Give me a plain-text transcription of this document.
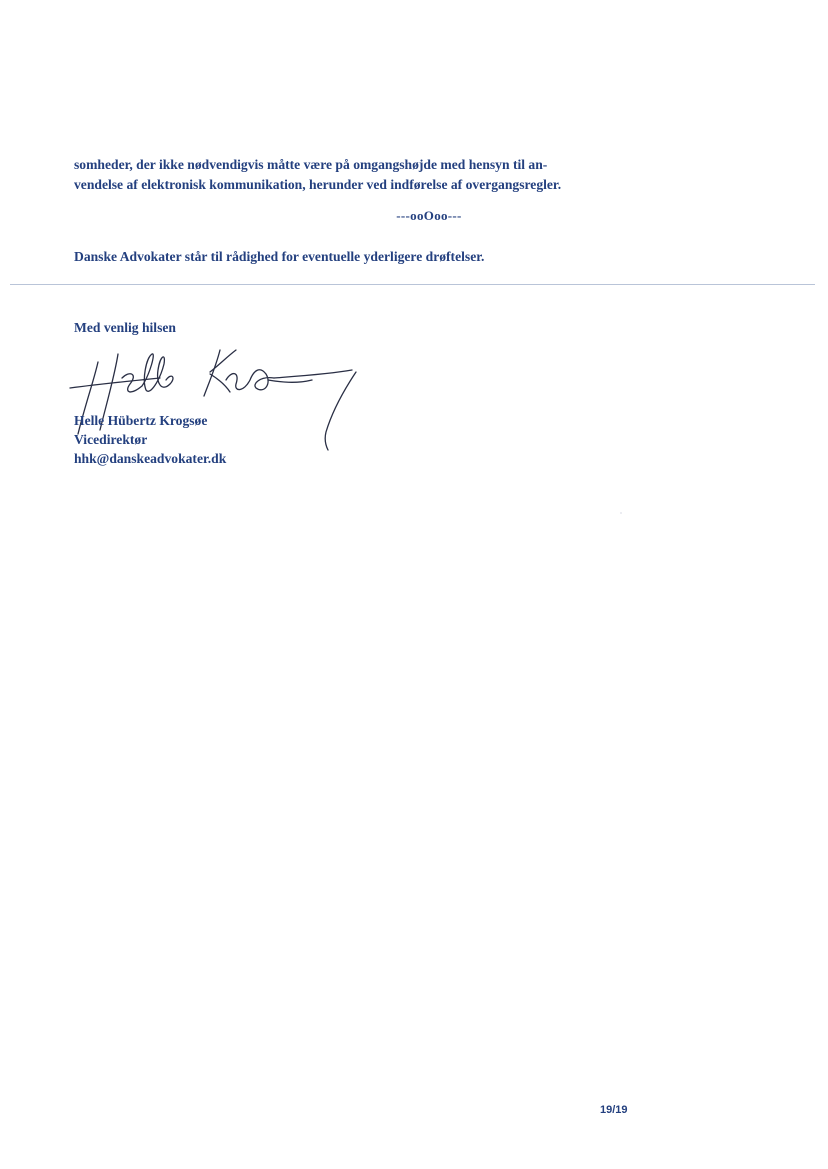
somheder, der ikke nødvendigvis måtte være på omgangshøjde med hensyn til an-
vendelse af elektronisk kommunikation, herunder ved indførelse af overgangsregler.
---ooOoo---
Danske Advokater står til rådighed for eventuelle yderligere drøftelser.
Med venlig hilsen
Helle Hübertz Krogsøe
Vicedirektør
hhk@danskeadvokater.dk
19/19
